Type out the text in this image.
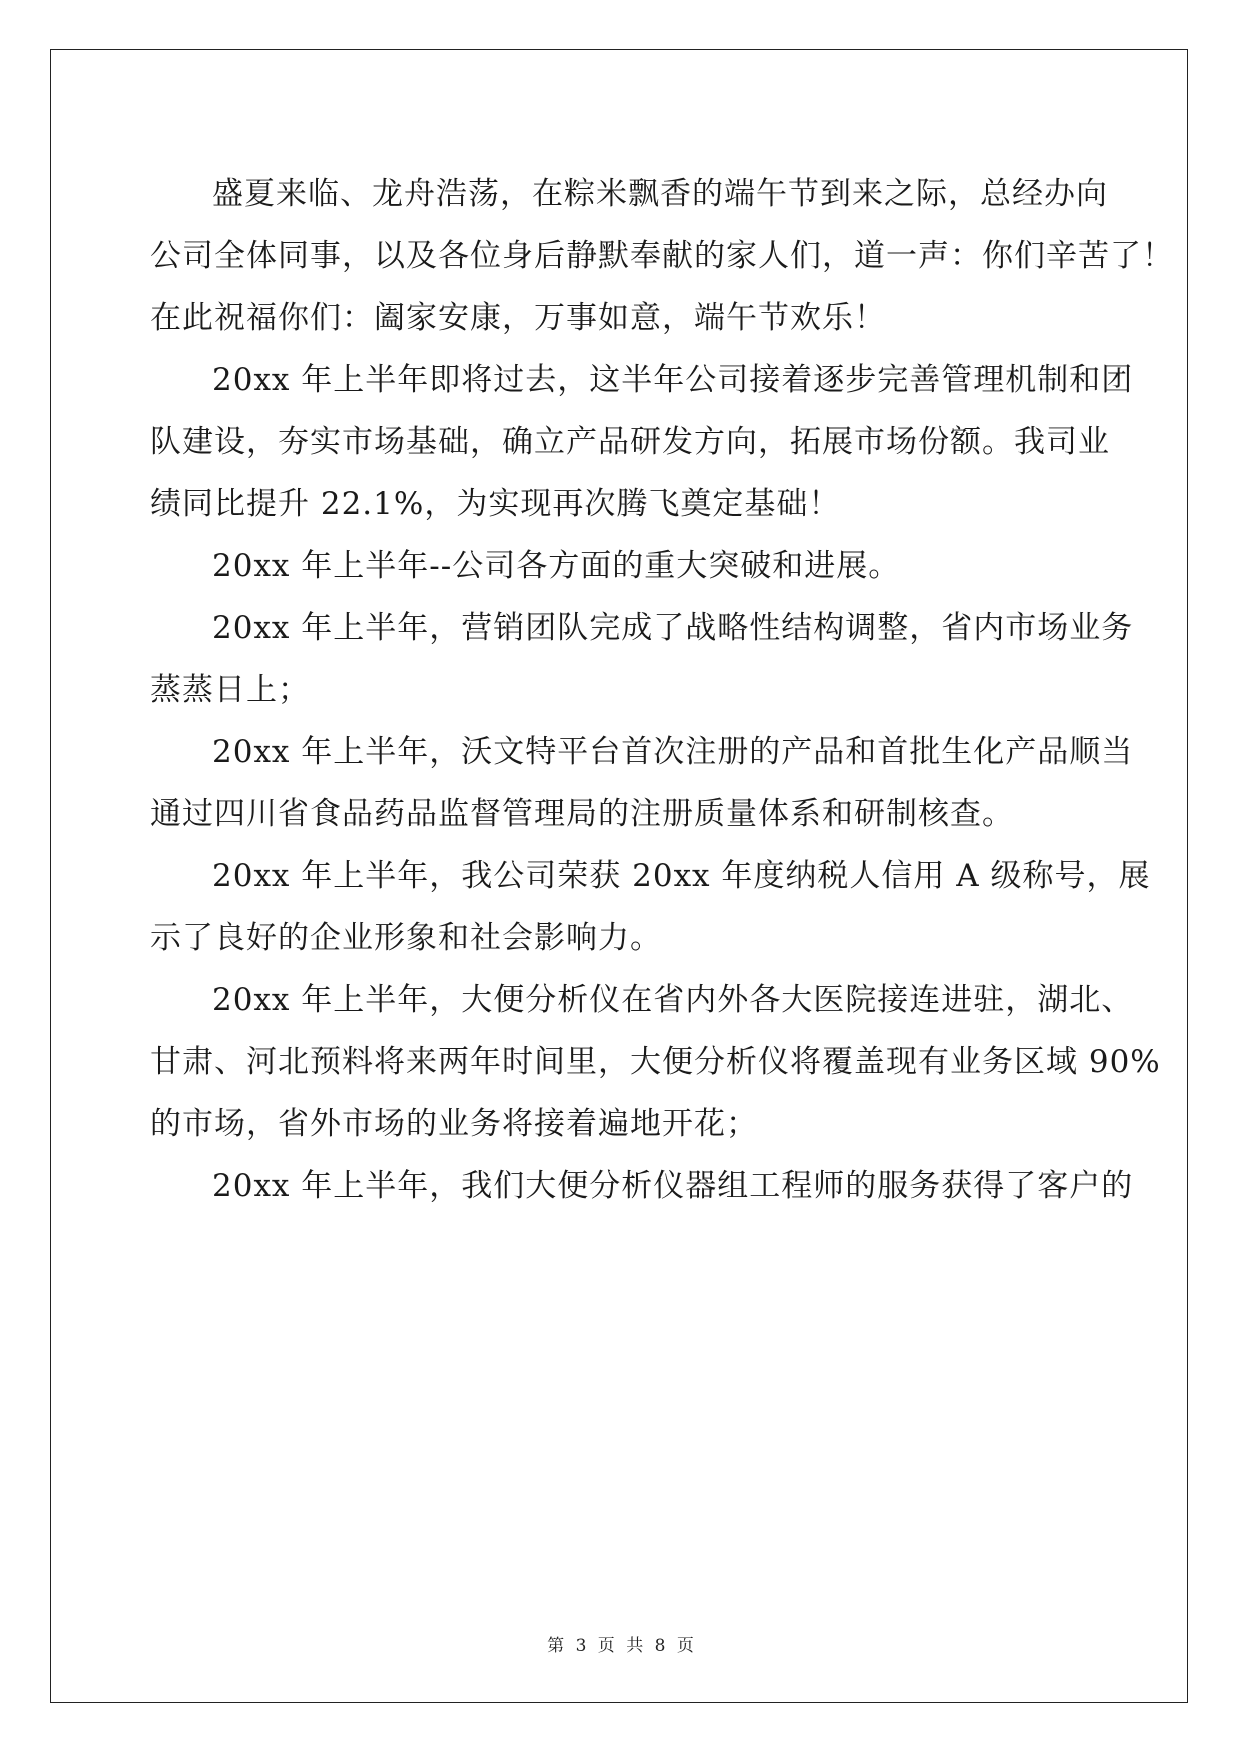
盛夏来临、龙舟浩荡，在粽米飘香的端午节到来之际，总经办向
公司全体同事，以及各位身后静默奉献的家人们，道一声：你们辛苦了！
在此祝福你们：阖家安康，万事如意，端午节欢乐！
20xx 年上半年即将过去，这半年公司接着逐步完善管理机制和团
队建设，夯实市场基础，确立产品研发方向，拓展市场份额。我司业
绩同比提升 22.1%，为实现再次腾飞奠定基础！
20xx 年上半年--公司各方面的重大突破和进展。
20xx 年上半年，营销团队完成了战略性结构调整，省内市场业务
蒸蒸日上；
20xx 年上半年，沃文特平台首次注册的产品和首批生化产品顺当
通过四川省食品药品监督管理局的注册质量体系和研制核查。
20xx 年上半年，我公司荣获 20xx 年度纳税人信用 A 级称号，展
示了良好的企业形象和社会影响力。
20xx 年上半年，大便分析仪在省内外各大医院接连进驻，湖北、
甘肃、河北预料将来两年时间里，大便分析仪将覆盖现有业务区域 90%
的市场，省外市场的业务将接着遍地开花；
20xx 年上半年，我们大便分析仪器组工程师的服务获得了客户的
第 3 页 共 8 页
